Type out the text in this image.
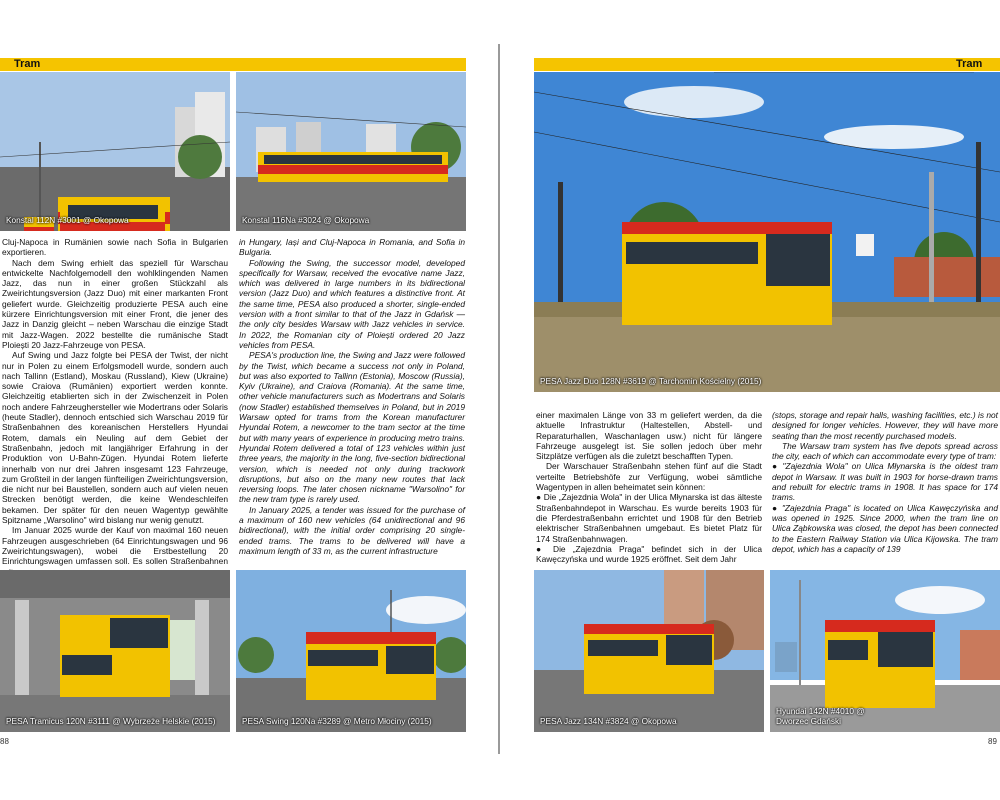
Tram
Konstal 112N #3001 @ Okopowa	Konstal 116Na #3024 @ Okopowa

Cluj-Napoca in Rumänien sowie nach Sofia in Bulgarien exportieren.

Nach dem Swing erhielt das speziell für Warschau entwickelte Nachfolgemodell den wohlklingenden Namen Jazz, das nun in einer großen Stückzahl als Zweirichtungsversion (Jazz Duo) mit einer markanten Front geliefert wurde. Gleichzeitig produzierte PESA auch eine kürzere Einrichtungsversion mit einer Front, die jener des Jazz in Danzig gleicht – neben Warschau die einzige Stadt mit Jazz-Wagen. 2022 bestellte die rumänische Stadt Ploiești 20 Jazz-Fahrzeuge von PESA.

Auf Swing und Jazz folgte bei PESA der Twist, der nicht nur in Polen zu einem Erfolgsmodell wurde, sondern auch nach Tallinn (Estland), Moskau (Russland), Kiew (Ukraine) sowie Craiova (Rumänien) exportiert werden konnte. Gleichzeitig etablierten sich in der Zwischenzeit in Polen noch andere Fahrzeughersteller wie Modertrans oder Solaris (heute Stadler), dennoch entschied sich Warschau 2019 für Straßenbahnen des koreanischen Herstellers Hyundai Rotem, damals ein Neuling auf dem Gebiet der Straßenbahn, jedoch mit langjähriger Erfahrung in der Produktion von U-Bahn-Zügen. Hyundai Rotem lieferte innerhalb von nur drei Jahren insgesamt 123 Fahrzeuge, zum Großteil in der langen fünfteiligen Zweirichtungsversion, die nicht nur bei Baustellen, sondern auch auf vielen neuen Strecken benötigt werden, die keine Wendeschleifen bekamen. Der später für den neuen Wagentyp gewählte Spitzname „Warsolino" wird bislang nur wenig genutzt.

Im Januar 2025 wurde der Kauf von maximal 160 neuen Fahrzeugen ausgeschrieben (64 Einrichtungswagen und 96 Zweirichtungswagen), wobei die Erstbestellung 20 Einrichtungswagen umfassen soll. Es sollen Straßenbahnen

in Hungary, Iași and Cluj-Napoca in Romania, and Sofia in Bulgaria.

Following the Swing, the successor model, developed specifically for Warsaw, received the evocative name Jazz, which was delivered in large numbers in its bidirectional version (Jazz Duo) and which features a distinctive front. At the same time, PESA also produced a shorter, single-ended version with a front similar to that of the Jazz in Gdańsk — the only city besides Warsaw with Jazz vehicles in service. In 2022, the Romanian city of Ploiești ordered 20 Jazz vehicles from PESA.

PESA's production line, the Swing and Jazz were followed by the Twist, which became a success not only in Poland, but was also exported to Tallinn (Estonia), Moscow (Russia), Kyiv (Ukraine), and Craiova (Romania). At the same time, other vehicle manufacturers such as Modertrans and Solaris (now Stadler) established themselves in Poland, but in 2019 Warsaw opted for trams from the Korean manufacturer Hyundai Rotem, a newcomer to the tram sector at the time but with many years of experience in producing metro trains. Hyundai Rotem delivered a total of 123 vehicles within just three years, the majority in the long, five-section bidirectional version, which is needed not only during trackwork disruptions, but also on the many new routes that lack reversing loops. The later chosen nickname "Warsolino" for the new tram type is rarely used.

In January 2025, a tender was issued for the purchase of a maximum of 160 new vehicles (64 unidirectional and 96 bidirectional), with the initial order comprising 20 single-ended trams. The trams to be delivered will have a maximum length of 33 m, as the current infrastructure

PESA Tramicus 120N #3111 @ Wybrzeże Helskie (2015)	PESA Swing 120Na #3289 @ Metro Młociny (2015)
88
Tram
PESA Jazz Duo 128N #3619 @ Tarchomin Kościelny (2015)

einer maximalen Länge von 33 m geliefert werden, da die aktuelle Infrastruktur (Haltestellen, Abstell- und Reparaturhallen, Waschanlagen usw.) nicht für längere Fahrzeuge ausgelegt ist. Sie sollen jedoch über mehr Sitzplätze verfügen als die zuletzt beschafften Typen.

Der Warschauer Straßenbahn stehen fünf auf die Stadt verteilte Betriebshöfe zur Verfügung, wobei sämtliche Wagentypen in allen beheimatet sein können:

● Die „Zajezdnia Wola" in der Ulica Młynarska ist das älteste Straßenbahndepot in Warschau. Es wurde bereits 1903 für die Pferdestraßenbahn errichtet und 1908 für den Betrieb elektrischer Straßenbahnen umgebaut. Es bietet Platz für 174 Straßenbahnwagen.

● Die „Zajezdnia Praga" befindet sich in der Ulica Kawęczyńska und wurde 1925 eröffnet. Seit dem Jahr

(stops, storage and repair halls, washing facilities, etc.) is not designed for longer vehicles. However, they will have more seating than the most recently purchased models.

The Warsaw tram system has five depots spread across the city, each of which can accommodate every type of tram:

● "Zajezdnia Wola" on Ulica Młynarska is the oldest tram depot in Warsaw. It was built in 1903 for horse-drawn trams and rebuilt for electric trams in 1908. It has space for 174 trams.

● "Zajezdnia Praga" is located on Ulica Kawęczyńska and was opened in 1925. Since 2000, when the tram line on Ulica Ząbkowska was closed, the depot has been connected to the Eastern Railway Station via Ulica Kijowska. The tram depot, which has a capacity of 139

PESA Jazz 134N #3824 @ Okopowa
Hyundai 142N #4010 @ Dworzec Gdański
89
